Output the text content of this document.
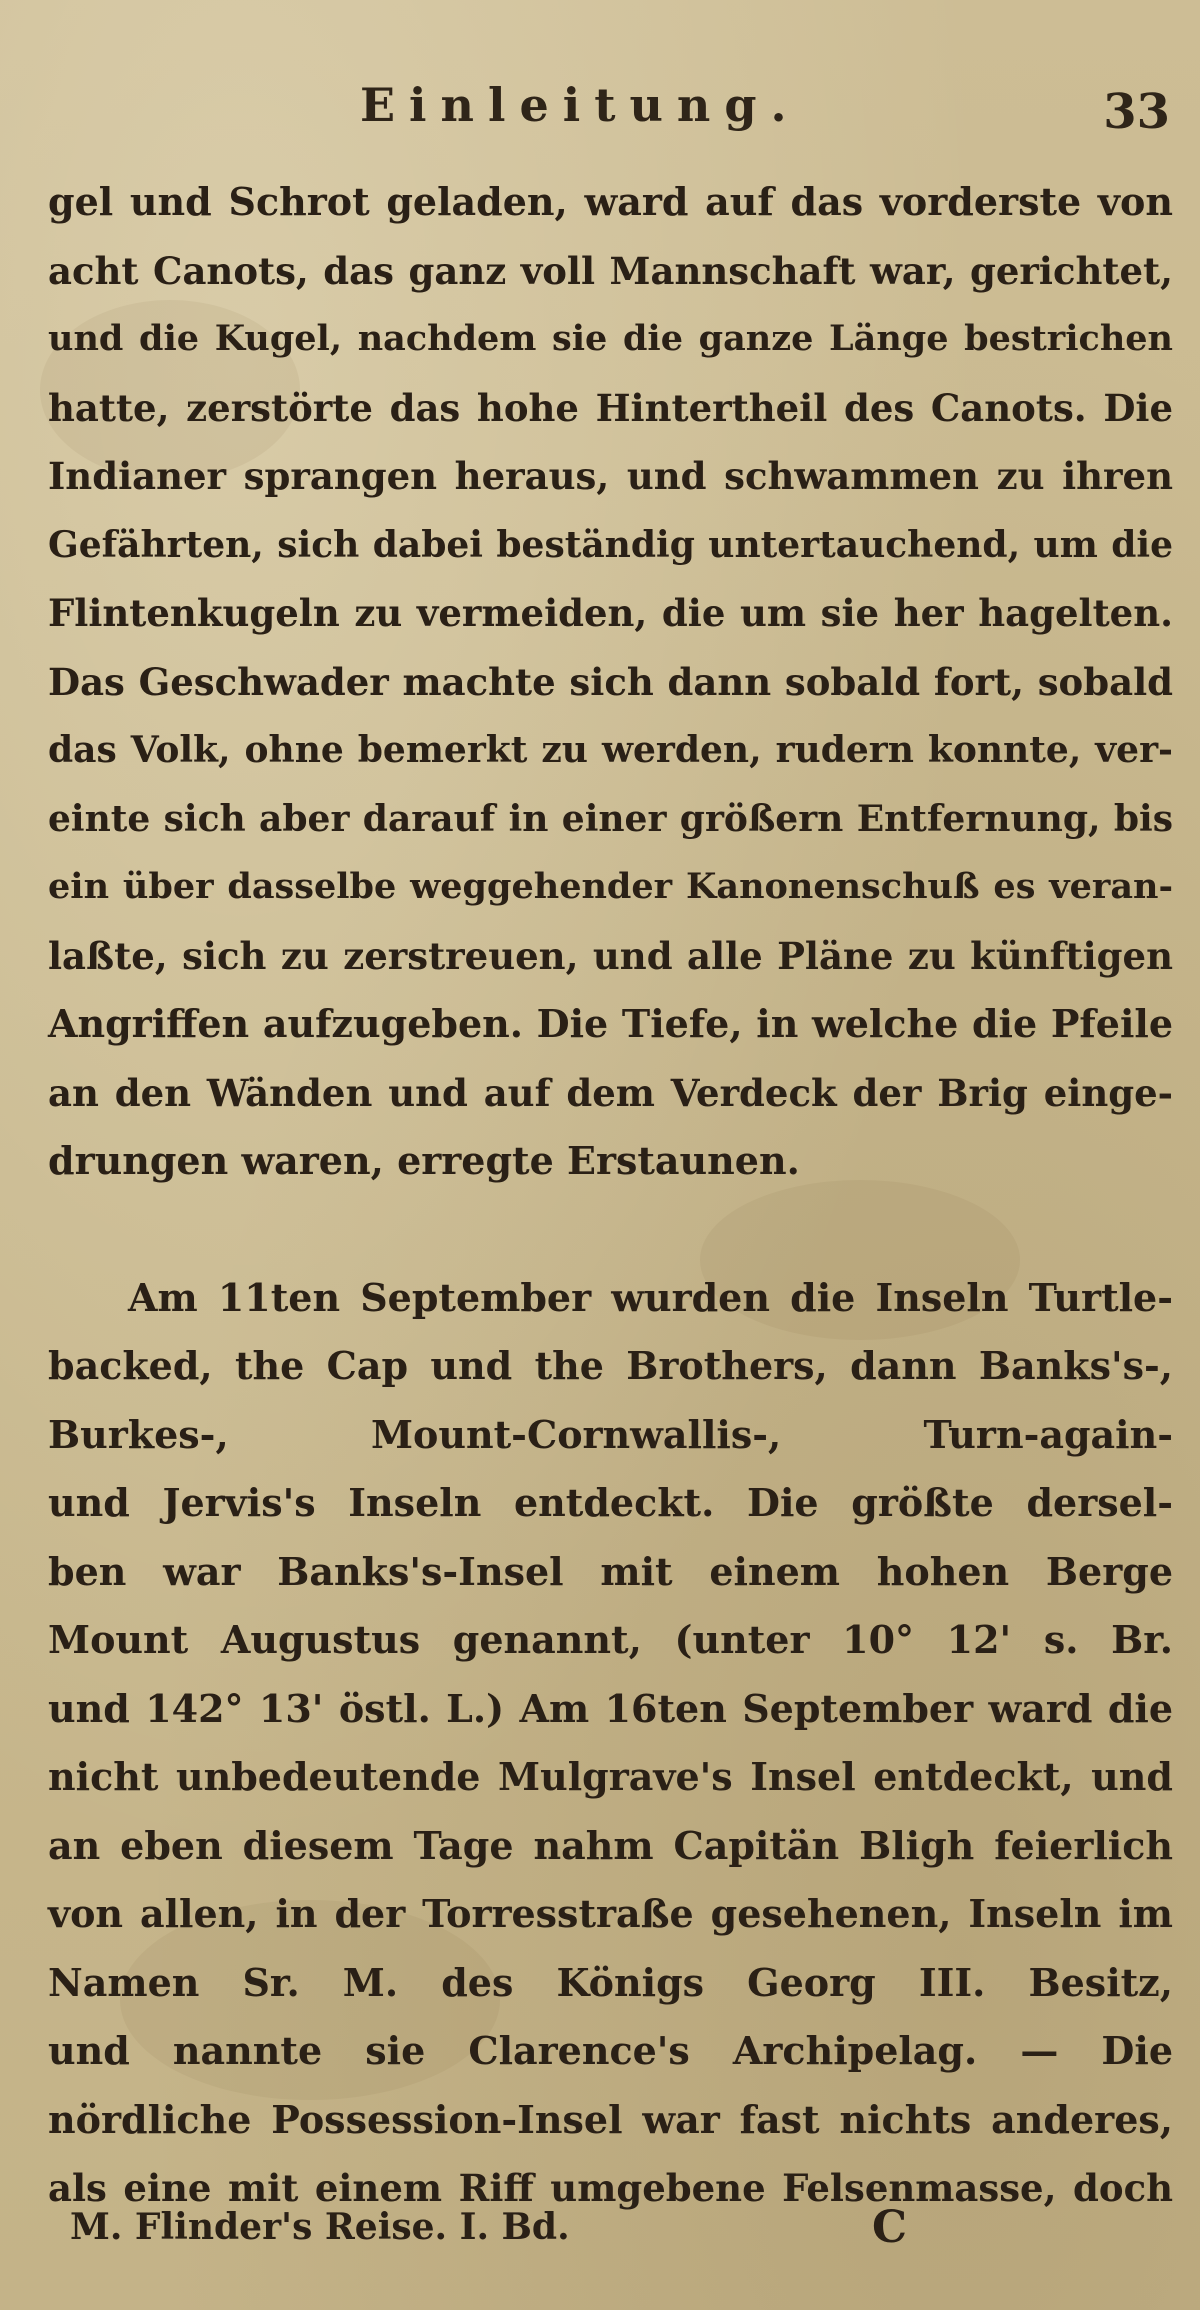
Einleitung.	33
gel und Schrot geladen, ward auf das vorderste von
acht Canots, das ganz voll Mannschaft war, gerichtet,
und die Kugel, nachdem sie die ganze Länge bestrichen
hatte, zerstörte das hohe Hintertheil des Canots. Die
Indianer sprangen heraus, und schwammen zu ihren
Gefährten, sich dabei beständig untertauchend, um die
Flintenkugeln zu vermeiden, die um sie her hagelten.
Das Geschwader machte sich dann sobald fort, sobald
das Volk, ohne bemerkt zu werden, rudern konnte, ver-
einte sich aber darauf in einer größern Entfernung, bis
ein über dasselbe weggehender Kanonenschuß es veran-
laßte, sich zu zerstreuen, und alle Pläne zu künftigen
Angriffen aufzugeben. Die Tiefe, in welche die Pfeile
an den Wänden und auf dem Verdeck der Brig einge-
drungen waren, erregte Erstaunen.
Am 11ten September wurden die Inseln Turtle-
backed, the Cap und the Brothers, dann Banks's-,
Burkes-, Mount-Cornwallis-, Turn-again-
und Jervis's Inseln entdeckt. Die größte dersel-
ben war Banks's-Insel mit einem hohen Berge
Mount Augustus genannt, (unter 10° 12' s. Br.
und 142° 13' östl. L.) Am 16ten September ward die
nicht unbedeutende Mulgrave's Insel entdeckt, und
an eben diesem Tage nahm Capitän Bligh feierlich
von allen, in der Torresstraße gesehenen, Inseln im
Namen Sr. M. des Königs Georg III. Besitz,
und nannte sie Clarence's Archipelag. — Die
nördliche Possession-Insel war fast nichts anderes,
als eine mit einem Riff umgebene Felsenmasse, doch
M. Flinder's Reise. I. Bd.	C
